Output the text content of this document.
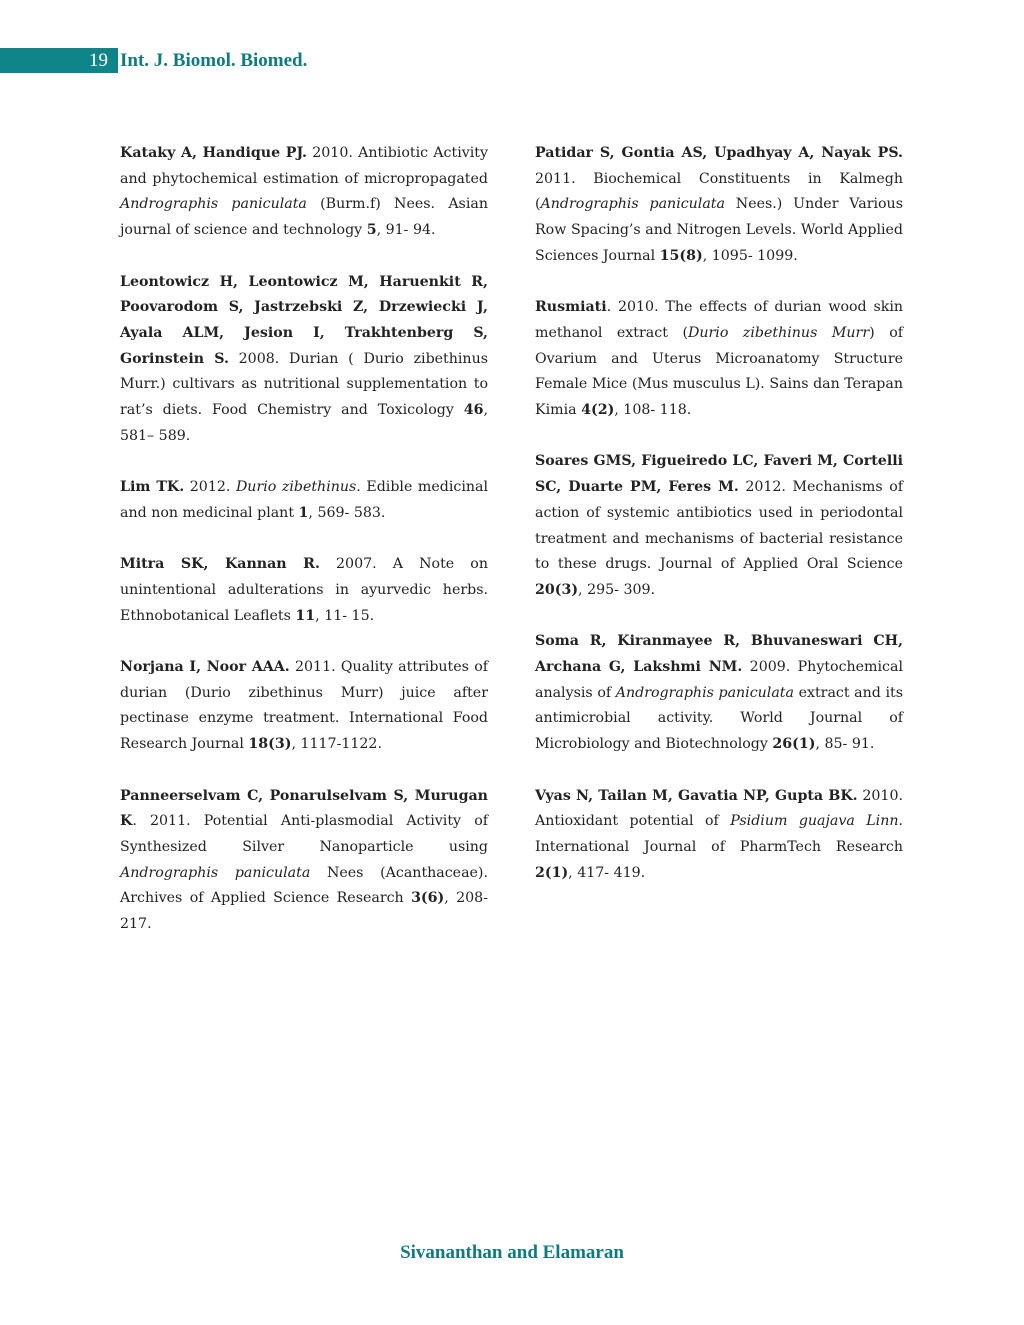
19 Int. J. Biomol. Biomed.

Kataky A, Handique PJ. 2010. Antibiotic Activity and phytochemical estimation of micropropagated Andrographis paniculata (Burm.f) Nees. Asian journal of science and technology 5, 91- 94.

Leontowicz H, Leontowicz M, Haruenkit R, Poovarodom S, Jastrzebski Z, Drzewiecki J, Ayala ALM, Jesion I, Trakhtenberg S, Gorinstein S. 2008. Durian ( Durio zibethinus Murr.) cultivars as nutritional supplementation to rat’s diets. Food Chemistry and Toxicology 46, 581– 589.

Lim TK. 2012. Durio zibethinus. Edible medicinal and non medicinal plant 1, 569- 583.

Mitra SK, Kannan R. 2007. A Note on unintentional adulterations in ayurvedic herbs. Ethnobotanical Leaflets 11, 11- 15.

Norjana I, Noor AAA. 2011. Quality attributes of durian (Durio zibethinus Murr) juice after pectinase enzyme treatment. International Food Research Journal 18(3), 1117-1122.

Panneerselvam C, Ponarulselvam S, Murugan K. 2011. Potential Anti-plasmodial Activity of Synthesized Silver Nanoparticle using Andrographis paniculata Nees (Acanthaceae). Archives of Applied Science Research 3(6), 208- 217.

Patidar S, Gontia AS, Upadhyay A, Nayak PS. 2011. Biochemical Constituents in Kalmegh (Andrographis paniculata Nees.) Under Various Row Spacing’s and Nitrogen Levels. World Applied Sciences Journal 15(8), 1095- 1099.

Rusmiati. 2010. The effects of durian wood skin methanol extract (Durio zibethinus Murr) of Ovarium and Uterus Microanatomy Structure Female Mice (Mus musculus L). Sains dan Terapan Kimia 4(2), 108- 118.

Soares GMS, Figueiredo LC, Faveri M, Cortelli SC, Duarte PM, Feres M. 2012. Mechanisms of action of systemic antibiotics used in periodontal treatment and mechanisms of bacterial resistance to these drugs. Journal of Applied Oral Science 20(3), 295- 309.

Soma R, Kiranmayee R, Bhuvaneswari CH, Archana G, Lakshmi NM. 2009. Phytochemical analysis of Andrographis paniculata extract and its antimicrobial activity. World Journal of Microbiology and Biotechnology 26(1), 85- 91.

Vyas N, Tailan M, Gavatia NP, Gupta BK. 2010. Antioxidant potential of Psidium guajava Linn. International Journal of PharmTech Research 2(1), 417- 419.

Sivananthan and Elamaran
